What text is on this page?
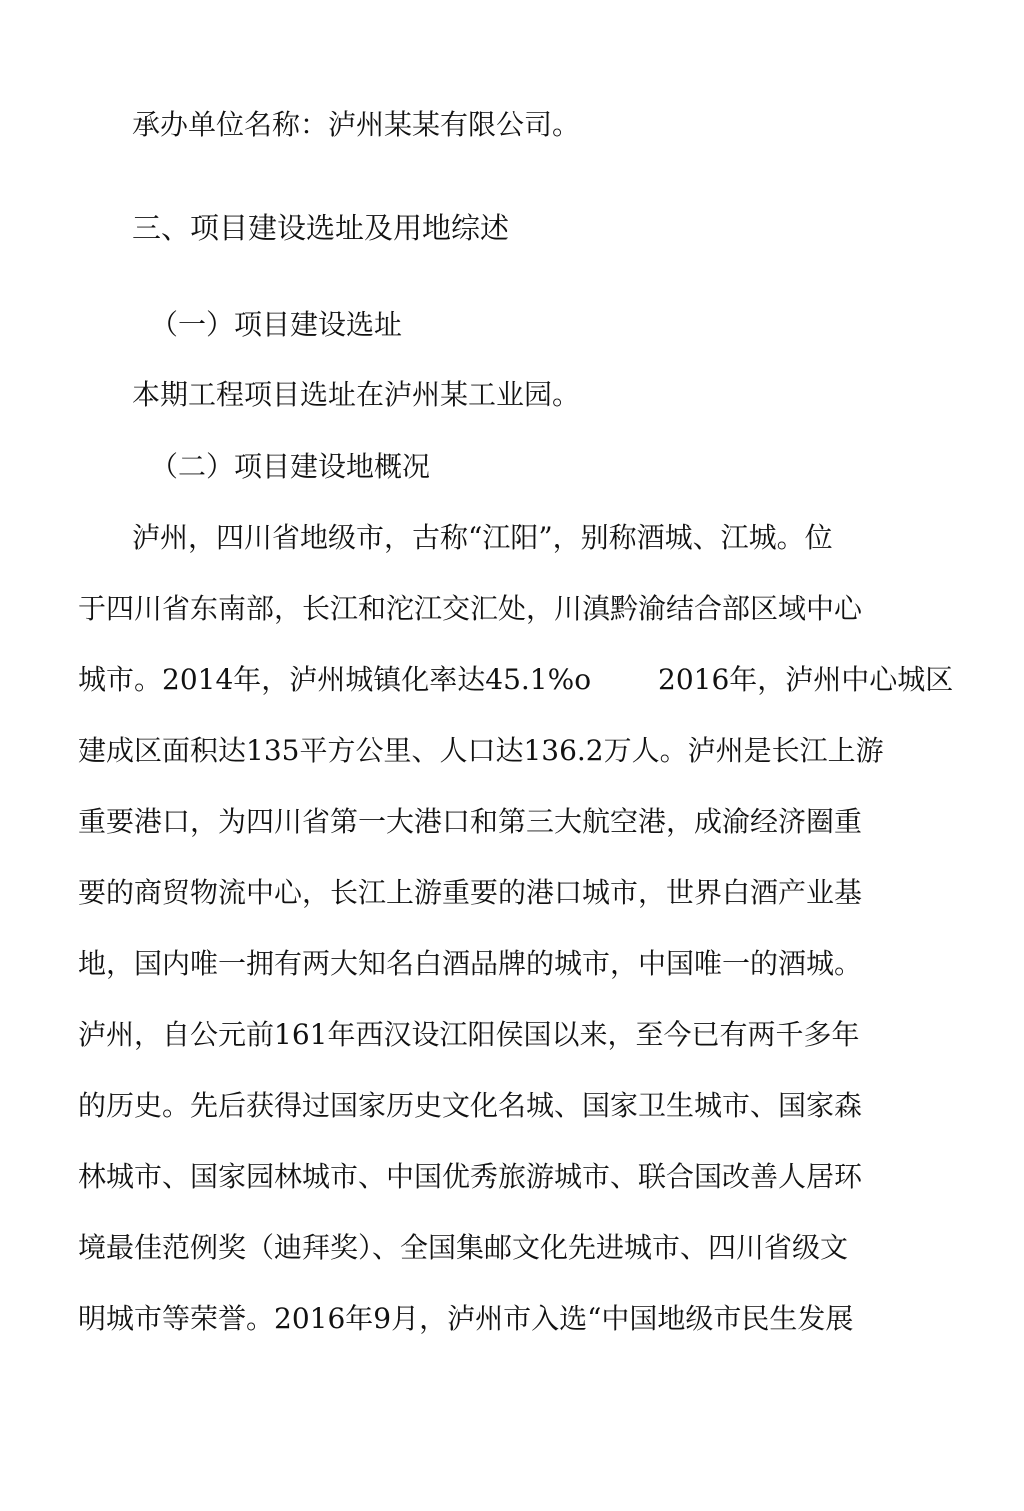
承办单位名称：泸州某某有限公司。
三、项目建设选址及用地综述
（一）项目建设选址
本期工程项目选址在泸州某工业园。
（二）项目建设地概况
泸州，四川省地级市，古称“江阳”，别称酒城、江城。位
于四川省东南部，长江和沱江交汇处，川滇黔渝结合部区域中心
城市。2014年，泸州城镇化率达45.1%o 2016年，泸州中心城区
建成区面积达135平方公里、人口达136.2万人。泸州是长江上游
重要港口，为四川省第一大港口和第三大航空港，成渝经济圈重
要的商贸物流中心，长江上游重要的港口城市，世界白酒产业基
地，国内唯一拥有两大知名白酒品牌的城市，中国唯一的酒城。
泸州，自公元前161年西汉设江阳侯国以来，至今已有两千多年
的历史。先后获得过国家历史文化名城、国家卫生城市、国家森
林城市、国家园林城市、中国优秀旅游城市、联合国改善人居环
境最佳范例奖（迪拜奖）、全国集邮文化先进城市、四川省级文
明城市等荣誉。2016年9月，泸州市入选“中国地级市民生发展
